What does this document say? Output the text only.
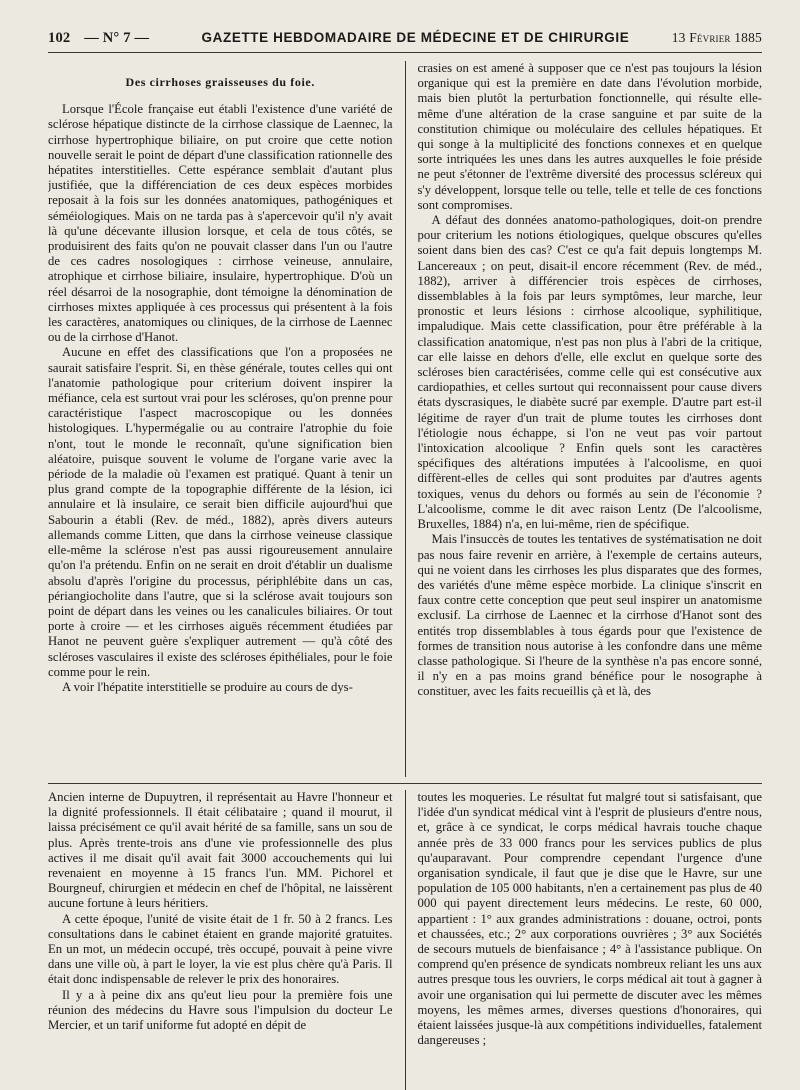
102 — N° 7 —	GAZETTE HEBDOMADAIRE DE MÉDECINE ET DE CHIRURGIE	13 Février 1885
Des cirrhoses graisseuses du foie.

Lorsque l'École française eut établi l'existence d'une variété de sclérose hépatique distincte de la cirrhose classique de Laennec, la cirrhose hypertrophique biliaire, on put croire que cette notion nouvelle serait le point de départ d'une classification rationnelle des hépatites interstitielles. Cette espérance semblait d'autant plus justifiée, que la différenciation de ces deux espèces morbides reposait à la fois sur les données anatomiques, pathogéniques et séméiologiques. Mais on ne tarda pas à s'apercevoir qu'il n'y avait là qu'une décevante illusion lorsque, et cela de tous côtés, se produisirent des faits qu'on ne pouvait classer dans l'un ou l'autre de ces cadres nosologiques : cirrhose veineuse, annulaire, atrophique et cirrhose biliaire, insulaire, hypertrophique. D'où un réel désarroi de la nosographie, dont témoigne la dénomination de cirrhoses mixtes appliquée à ces processus qui présentent à la fois les caractères, anatomiques ou cliniques, de la cirrhose de Laennec ou de la cirrhose d'Hanot.

Aucune en effet des classifications que l'on a proposées ne saurait satisfaire l'esprit. Si, en thèse générale, toutes celles qui ont l'anatomie pathologique pour criterium doivent inspirer la méfiance, cela est surtout vrai pour les scléroses, qu'on prenne pour caractéristique l'aspect macroscopique ou les données histologiques. L'hypermégalie ou au contraire l'atrophie du foie n'ont, tout le monde le reconnaît, qu'une signification bien aléatoire, puisque souvent le volume de l'organe varie avec la période de la maladie où l'examen est pratiqué. Quant à tenir un plus grand compte de la topographie différente de la lésion, ici annulaire et là insulaire, ce serait bien difficile aujourd'hui que Sabourin a établi (Rev. de méd., 1882), après divers auteurs allemands comme Litten, que dans la cirrhose veineuse classique elle-même la sclérose n'est pas aussi rigoureusement annulaire qu'on l'a prétendu. Enfin on ne serait en droit d'établir un dualisme absolu d'après l'origine du processus, périphlébite dans un cas, périangiocholite dans l'autre, que si la sclérose avait toujours son point de départ dans les veines ou les canalicules biliaires. Or tout porte à croire — et les cirrhoses aiguës récemment étudiées par Hanot ne peuvent guère s'expliquer autrement — qu'à côté des scléroses vasculaires il existe des scléroses épithéliales, pour le foie comme pour le rein.

A voir l'hépatite interstitielle se produire au cours de dys-

crasies on est amené à supposer que ce n'est pas toujours la lésion organique qui est la première en date dans l'évolution morbide, mais bien plutôt la perturbation fonctionnelle, qui résulte elle-même d'une altération de la crase sanguine et par suite de la constitution chimique ou moléculaire des cellules hépatiques. Et qui songe à la multiplicité des fonctions connexes et en quelque sorte intriquées les unes dans les autres auxquelles le foie préside ne peut s'étonner de l'extrême diversité des processus scléreux qui s'y développent, lorsque telle ou telle, telle et telle de ces fonctions sont compromises.

A défaut des données anatomo-pathologiques, doit-on prendre pour criterium les notions étiologiques, quelque obscures qu'elles soient dans bien des cas? C'est ce qu'a fait depuis longtemps M. Lancereaux ; on peut, disait-il encore récemment (Rev. de méd., 1882), arriver à différencier trois espèces de cirrhoses, dissemblables à la fois par leurs symptômes, leur marche, leur pronostic et leurs lésions : cirrhose alcoolique, syphilitique, impaludique. Mais cette classification, pour être préférable à la classification anatomique, n'est pas non plus à l'abri de la critique, car elle laisse en dehors d'elle, elle exclut en quelque sorte des scléroses bien caractérisées, comme celle qui est consécutive aux cardiopathies, et celles surtout qui reconnaissent pour cause divers états dyscrasiques, le diabète sucré par exemple. D'autre part est-il légitime de rayer d'un trait de plume toutes les cirrhoses dont l'étiologie nous échappe, si l'on ne veut pas voir partout l'intoxication alcoolique ? Enfin quels sont les caractères spécifiques des altérations imputées à l'alcoolisme, en quoi diffèrent-elles de celles qui sont produites par d'autres agents toxiques, venus du dehors ou formés au sein de l'économie ? L'alcoolisme, comme le dit avec raison Lentz (De l'alcoolisme, Bruxelles, 1884) n'a, en lui-même, rien de spécifique.

Mais l'insuccès de toutes les tentatives de systématisation ne doit pas nous faire revenir en arrière, à l'exemple de certains auteurs, qui ne voient dans les cirrhoses les plus disparates que des formes, des variétés d'une même espèce morbide. La clinique s'inscrit en faux contre cette conception que peut seul inspirer un anatomisme exclusif. La cirrhose de Laennec et la cirrhose d'Hanot sont des entités trop dissemblables à tous égards pour que l'existence de formes de transition nous autorise à les confondre dans une même classe pathologique. Si l'heure de la synthèse n'a pas encore sonné, il n'y en a pas moins grand bénéfice pour le nosographe à constituer, avec les faits recueillis çà et là, des

Ancien interne de Dupuytren, il représentait au Havre l'honneur et la dignité professionnels. Il était célibataire ; quand il mourut, il laissa précisément ce qu'il avait hérité de sa famille, sans un sou de plus. Après trente-trois ans d'une vie professionnelle des plus actives il me disait qu'il avait fait 3000 accouchements qui lui revenaient en moyenne à 15 francs l'un. MM. Pichorel et Bourgneuf, chirurgien et médecin en chef de l'hôpital, ne laissèrent aucune fortune à leurs héritiers.

A cette époque, l'unité de visite était de 1 fr. 50 à 2 francs. Les consultations dans le cabinet étaient en grande majorité gratuites. En un mot, un médecin occupé, très occupé, pouvait à peine vivre dans une ville où, à part le loyer, la vie est plus chère qu'à Paris. Il était donc indispensable de relever le prix des honoraires.

Il y a à peine dix ans qu'eut lieu pour la première fois une réunion des médecins du Havre sous l'impulsion du docteur Le Mercier, et un tarif uniforme fut adopté en dépit de

toutes les moqueries. Le résultat fut malgré tout si satisfaisant, que l'idée d'un syndicat médical vint à l'esprit de plusieurs d'entre nous, et, grâce à ce syndicat, le corps médical havrais touche chaque année près de 33 000 francs pour les services publics de plus qu'auparavant. Pour comprendre cependant l'urgence d'une organisation syndicale, il faut que je dise que le Havre, sur une population de 105 000 habitants, n'en a certainement pas plus de 40 000 qui payent directement leurs médecins. Le reste, 60 000, appartient : 1° aux grandes administrations : douane, octroi, ponts et chaussées, etc.; 2° aux corporations ouvrières ; 3° aux Sociétés de secours mutuels de bienfaisance ; 4° à l'assistance publique. On comprend qu'en présence de syndicats nombreux reliant les uns aux autres presque tous les ouvriers, le corps médical ait tout à gagner à avoir une organisation qui lui permette de discuter avec les mêmes moyens, les mêmes armes, diverses questions d'honoraires, qui étaient laissées jusque-là aux compétitions individuelles, fatalement dangereuses ;
